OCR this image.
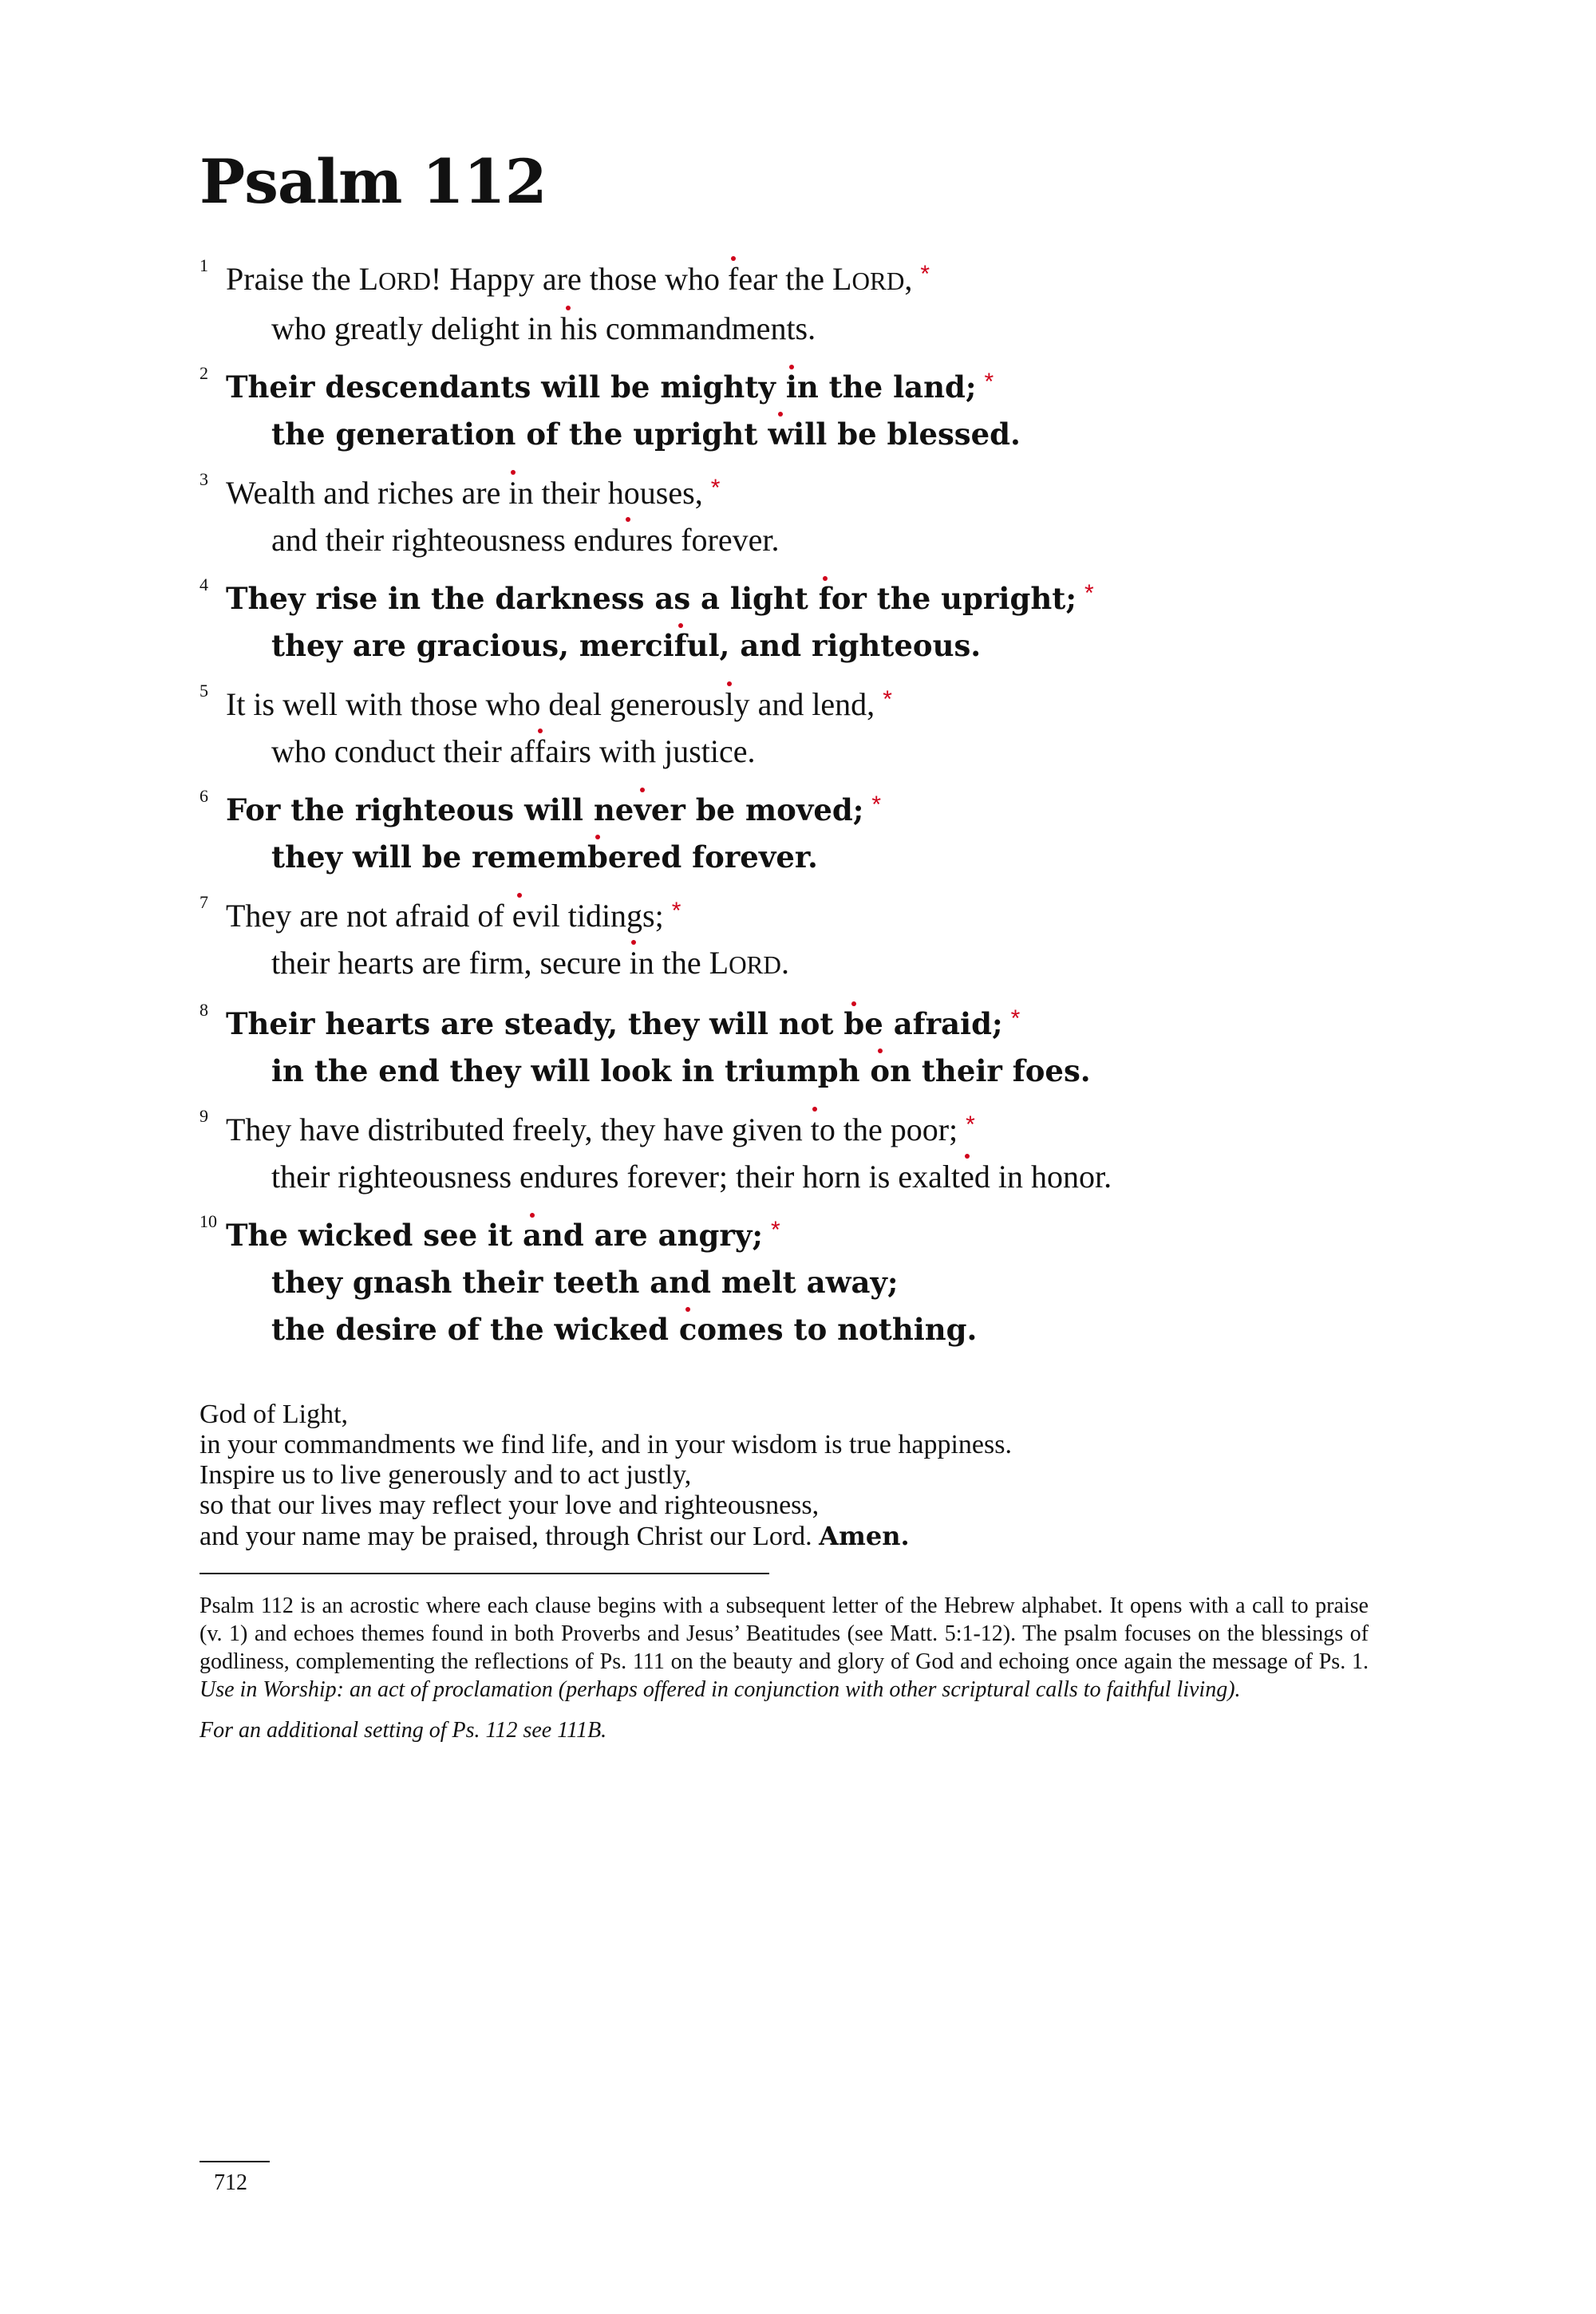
Psalm 112
1 Praise the LORD! Happy are those who fear the LORD, *
who greatly delight in his commandments.
2 Their descendants will be mighty in the land; *
the generation of the upright will be blessed.
3 Wealth and riches are in their houses, *
and their righteousness endures forever.
4 They rise in the darkness as a light for the upright; *
they are gracious, merciful, and righteous.
5 It is well with those who deal generously and lend, *
who conduct their affairs with justice.
6 For the righteous will never be moved; *
they will be remembered forever.
7 They are not afraid of evil tidings; *
their hearts are firm, secure in the LORD.
8 Their hearts are steady, they will not be afraid; *
in the end they will look in triumph on their foes.
9 They have distributed freely, they have given to the poor; *
their righteousness endures forever; their horn is exalted in honor.
10 The wicked see it and are angry; *
they gnash their teeth and melt away;
the desire of the wicked comes to nothing.
God of Light,
in your commandments we find life, and in your wisdom is true happiness.
Inspire us to live generously and to act justly,
so that our lives may reflect your love and righteousness,
and your name may be praised, through Christ our Lord. Amen.

Psalm 112 is an acrostic where each clause begins with a subsequent letter of the Hebrew alphabet. It opens with a call to praise (v. 1) and echoes themes found in both Proverbs and Jesus’ Beatitudes (see Matt. 5:1-12). The psalm focuses on the blessings of godliness, complementing the reflections of Ps. 111 on the beauty and glory of God and echoing once again the message of Ps. 1. Use in Worship: an act of proclamation (perhaps offered in conjunction with other scriptural calls to faithful living).

For an additional setting of Ps. 112 see 111B.

712
